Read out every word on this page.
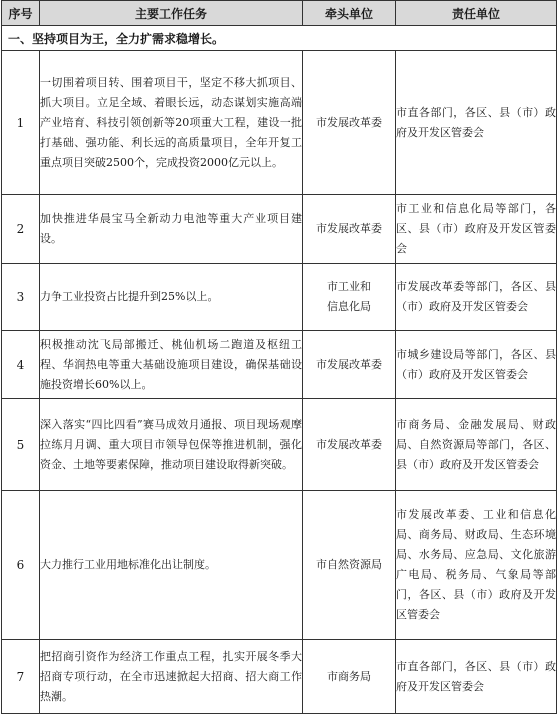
序号	主要工作任务	牵头单位	责任单位
一、坚持项目为王，全力扩需求稳增长。			
1	一切围着项目转、围着项目干，坚定不移大抓项目、抓大项目。立足全域、着眼长远，动态谋划实施高端产业培育、科技引领创新等20项重大工程，建设一批打基础、强功能、利长远的高质量项目，全年开复工重点项目突破2500个，完成投资2000亿元以上。	市发展改革委	市直各部门，各区、县（市）政府及开发区管委会
2	加快推进华晨宝马全新动力电池等重大产业项目建设。	市发展改革委	市工业和信息化局等部门，各区、县（市）政府及开发区管委会
3	力争工业投资占比提升到25%以上。	市工业和
信息化局	市发展改革委等部门，各区、县（市）政府及开发区管委会
4	积极推动沈飞局部搬迁、桃仙机场二跑道及枢纽工程、华润热电等重大基础设施项目建设，确保基础设施投资增长60%以上。	市发展改革委	市城乡建设局等部门，各区、县（市）政府及开发区管委会
5	深入落实“四比四看”赛马成效月通报、项目现场观摩拉练月月调、重大项目市领导包保等推进机制，强化资金、土地等要素保障，推动项目建设取得新突破。	市发展改革委	市商务局、金融发展局、财政局、自然资源局等部门，各区、县（市）政府及开发区管委会
6	大力推行工业用地标准化出让制度。	市自然资源局	市发展改革委、工业和信息化局、商务局、财政局、生态环境局、水务局、应急局、文化旅游广电局、税务局、气象局等部门，各区、县（市）政府及开发区管委会
7	把招商引资作为经济工作重点工程，扎实开展冬季大招商专项行动，在全市迅速掀起大招商、招大商工作热潮。	市商务局	市直各部门，各区、县（市）政府及开发区管委会
